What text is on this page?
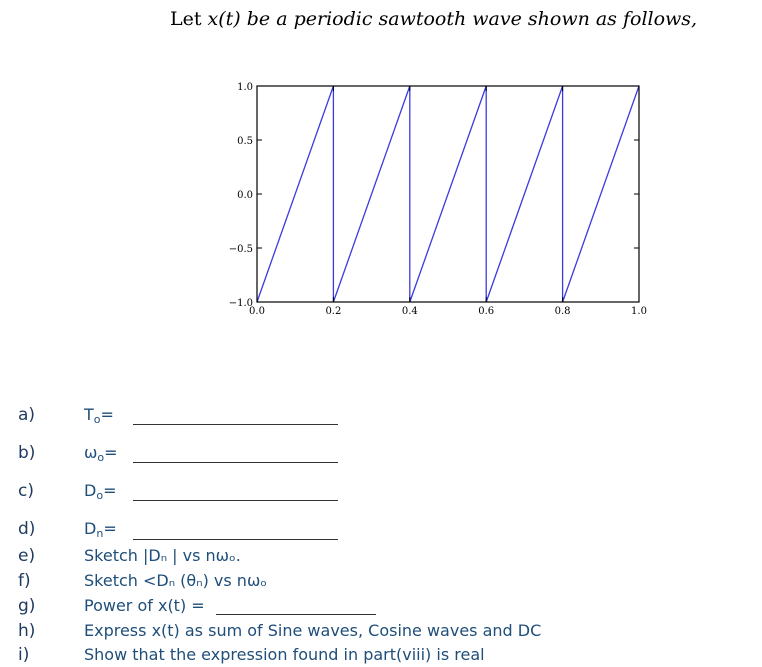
Let x(t) be a periodic sawtooth wave shown as follows,
0.0	0.2	0.4	0.6	0.8	1.0
1.0
0.5
0.0
−0.5
−1.0
a)	$T_o=$
b)	$\omega_o=$
c)	$D_o=$
d)	$D_n=$
e)	Sketch |Dₙ | vs nωₒ.
f)	Sketch <Dₙ (θₙ) vs nωₒ
g)	Power of x(t) =
h)	Express x(t) as sum of Sine waves, Cosine waves and DC
i)	Show that the expression found in part(viii) is real
